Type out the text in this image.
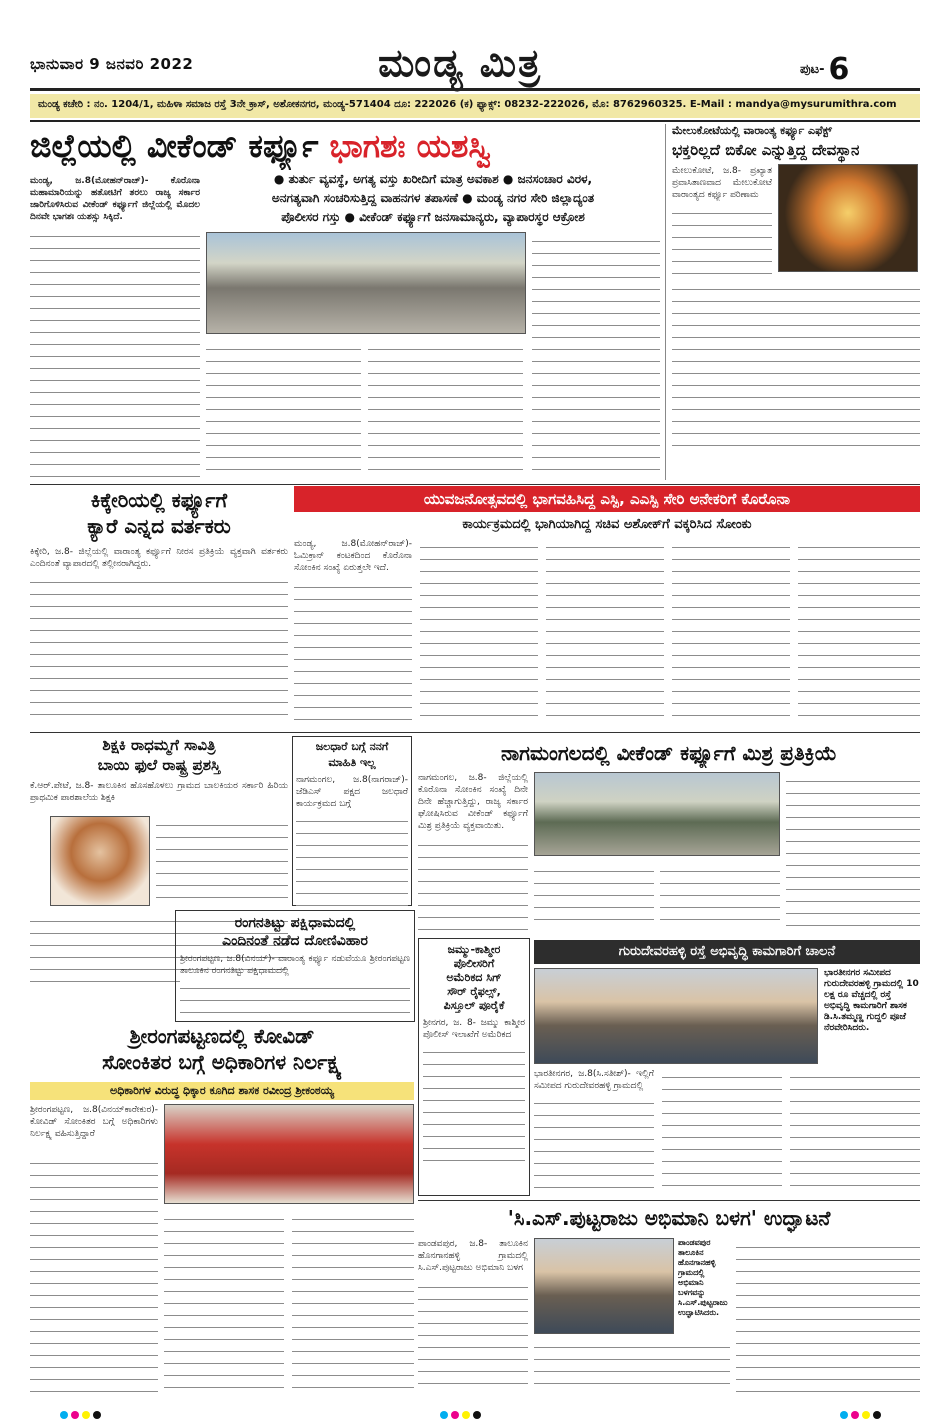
ಭಾನುವಾರ 9 ಜನವರಿ 2022	ಮಂಡ್ಯ ಮಿತ್ರ	ಪುಟ- 6
ಮಂಡ್ಯ ಕಚೇರಿ : ನಂ. 1204/1, ಮಹಿಳಾ ಸಮಾಜ ರಸ್ತೆ 3ನೇ ಕ್ರಾಸ್, ಅಶೋಕನಗರ, ಮಂಡ್ಯ-571404 ದೂ: 222026 (ಕ) ಫ್ಯಾಕ್ಸ್: 08232-222026, ಮೊ: 8762960325. E-Mail : mandya@mysurumithra.com
ಜಿಲ್ಲೆಯಲ್ಲಿ ವೀಕೆಂಡ್ ಕರ್ಫ್ಯೂ ಭಾಗಶಃ ಯಶಸ್ವಿ

ಮಂಡ್ಯ, ಜ.8(ಮೋಹನ್‌ರಾಜ್)- ಕೊರೊನಾ ಮಹಾಮಾರಿಯನ್ನು ಹತೋಟಿಗೆ ತರಲು ರಾಜ್ಯ ಸರ್ಕಾರ ಜಾರಿಗೊಳಿಸಿರುವ ವೀಕೆಂಡ್ ಕರ್ಫ್ಯೂಗೆ ಜಿಲ್ಲೆಯಲ್ಲಿ ಮೊದಲ ದಿನವೇ ಭಾಗಶಃ ಯಶಸ್ಸು ಸಿಕ್ಕಿದೆ.

● ತುರ್ತು ವ್ಯವಸ್ಥೆ, ಅಗತ್ಯ ವಸ್ತು ಖರೀದಿಗೆ ಮಾತ್ರ ಅವಕಾಶ ● ಜನಸಂಚಾರ ವಿರಳ,
ಅನಗತ್ಯವಾಗಿ ಸಂಚರಿಸುತ್ತಿದ್ದ ವಾಹನಗಳ ತಪಾಸಣೆ ● ಮಂಡ್ಯ ನಗರ ಸೇರಿ ಜಿಲ್ಲಾದ್ಯಂತ
ಪೊಲೀಸರ ಗಸ್ತು ● ವೀಕೆಂಡ್ ಕರ್ಫ್ಯೂಗೆ ಜನಸಾಮಾನ್ಯರು, ವ್ಯಾಪಾರಸ್ಥರ ಆಕ್ರೋಶ
ಮೇಲುಕೋಟೆಯಲ್ಲಿ ವಾರಾಂತ್ಯ ಕರ್ಫ್ಯೂ ಎಫೆಕ್ಟ್
ಭಕ್ತರಿಲ್ಲದೆ ಬಿಕೋ ಎನ್ನುತ್ತಿದ್ದ ದೇವಸ್ಥಾನ

ಮೇಲುಕೋಟೆ, ಜ.8- ಪ್ರಖ್ಯಾತ ಪ್ರವಾಸಿತಾಣವಾದ ಮೇಲುಕೋಟೆ ವಾರಾಂತ್ಯದ ಕರ್ಫ್ಯೂ ಪರಿಣಾಮ

ಕಿಕ್ಕೇರಿಯಲ್ಲಿ ಕರ್ಫ್ಯೂಗೆ
ಕ್ಯಾರೆ ಎನ್ನದ ವರ್ತಕರು

ಕಿಕ್ಕೇರಿ, ಜ.8- ಜಿಲ್ಲೆಯಲ್ಲಿ ವಾರಾಂತ್ಯ ಕರ್ಫ್ಯೂಗೆ ನೀರಸ ಪ್ರತಿಕ್ರಿಯೆ ವ್ಯಕ್ತವಾಗಿ ವರ್ತಕರು ಎಂದಿನಂತೆ ವ್ಯಾಪಾರದಲ್ಲಿ ತಲ್ಲೀನರಾಗಿದ್ದರು.

ಯುವಜನೋತ್ಸವದಲ್ಲಿ ಭಾಗವಹಿಸಿದ್ದ ಎಸ್ಪಿ, ಎಎಸ್ಪಿ ಸೇರಿ ಅನೇಕರಿಗೆ ಕೊರೊನಾ
ಕಾರ್ಯಕ್ರಮದಲ್ಲಿ ಭಾಗಿಯಾಗಿದ್ದ ಸಚಿವ ಅಶೋಕ್‌ಗೆ ವಕ್ಕರಿಸಿದ ಸೋಂಕು

ಮಂಡ್ಯ, ಜ.8(ಮೋಹನ್‌ರಾಜ್)- ಓಮಿಕ್ರಾನ್ ಕಂಟಕದಿಂದ ಕೊರೊನಾ ಸೋಂಕಿನ ಸಂಖ್ಯೆ ಏರುತ್ತಲೇ ಇದೆ.

ಶಿಕ್ಷಕಿ ರಾಧಮ್ಮಗೆ ಸಾವಿತ್ರಿ
ಬಾಯಿ ಫುಲೆ ರಾಷ್ಟ್ರ ಪ್ರಶಸ್ತಿ

ಕೆ.ಆರ್.ಪೇಟೆ, ಜ.8- ತಾಲೂಕಿನ ಹೊಸಹೊಳಲು ಗ್ರಾಮದ ಬಾಲಕಿಯರ ಸರ್ಕಾರಿ ಹಿರಿಯ ಪ್ರಾಥಮಿಕ ಪಾಠಶಾಲೆಯ ಶಿಕ್ಷಕಿ

ಜಲಧಾರೆ ಬಗ್ಗೆ ನನಗೆ
ಮಾಹಿತಿ ಇಲ್ಲ

ನಾಗಮಂಗಲ, ಜ.8(ನಾಗರಾಜ್)- ಜೆಡಿಎಸ್ ಪಕ್ಷದ ಜಲಧಾರೆ ಕಾರ್ಯಕ್ರಮದ ಬಗ್ಗೆ

ನಾಗಮಂಗಲದಲ್ಲಿ ವೀಕೆಂಡ್ ಕರ್ಫ್ಯೂಗೆ ಮಿಶ್ರ ಪ್ರತಿಕ್ರಿಯೆ

ನಾಗಮಂಗಲ, ಜ.8- ಜಿಲ್ಲೆಯಲ್ಲಿ ಕೊರೊನಾ ಸೋಂಕಿನ ಸಂಖ್ಯೆ ದಿನೇ ದಿನೇ ಹೆಚ್ಚಾಗುತ್ತಿದ್ದು, ರಾಜ್ಯ ಸರ್ಕಾರ ಘೋಷಿಸಿರುವ ವೀಕೆಂಡ್ ಕರ್ಫ್ಯೂಗೆ ಮಿಶ್ರ ಪ್ರತಿಕ್ರಿಯೆ ವ್ಯಕ್ತವಾಯಿತು.

ರಂಗನತಿಟ್ಟು ಪಕ್ಷಿಧಾಮದಲ್ಲಿ
ಎಂದಿನಂತೆ ನಡೆದ ದೋಣಿವಿಹಾರ

ಶ್ರೀರಂಗಪಟ್ಟಣ, ಜ.8(ವಿನಯ್)- ವಾರಾಂತ್ಯ ಕರ್ಫ್ಯೂ ನಡುವೆಯೂ ಶ್ರೀರಂಗಪಟ್ಟಣ ತಾಲೂಕಿನ ರಂಗನತಿಟ್ಟು ಪಕ್ಷಿಧಾಮದಲ್ಲಿ

ಜಮ್ಮು-ಕಾಶ್ಮೀರ
ಪೊಲೀಸರಿಗೆ
ಅಮೆರಿಕದ ಸಿಗ್
ಸೌರ್ ರೈಫಲ್ಸ್,
ಪಿಸ್ತೂಲ್ ಪೂರೈಕೆ

ಶ್ರೀನಗರ, ಜ. 8- ಜಮ್ಮು ಕಾಶ್ಮೀರ ಪೊಲೀಸ್ ಇಲಾಖೆಗೆ ಅಮೆರಿಕದ

ಗುರುದೇವರಹಳ್ಳಿ ರಸ್ತೆ ಅಭಿವೃದ್ಧಿ ಕಾಮಗಾರಿಗೆ ಚಾಲನೆ
ಭಾರತೀನಗರ ಸಮೀಪದ ಗುರುದೇವರಹಳ್ಳಿ ಗ್ರಾಮದಲ್ಲಿ 10 ಲಕ್ಷ ರೂ ವೆಚ್ಚದಲ್ಲಿ ರಸ್ತೆ ಅಭಿವೃದ್ಧಿ ಕಾಮಗಾರಿಗೆ ಶಾಸಕ ಡಿ.ಸಿ.ತಮ್ಮಣ್ಣ ಗುದ್ದಲಿ ಪೂಜೆ ನೆರವೇರಿಸಿದರು.

ಭಾರತೀನಗರ, ಜ.8(ಸಿ.ಸತೀಶ್)- ಇಲ್ಲಿಗೆ ಸಮೀಪದ ಗುರುದೇವರಹಳ್ಳಿ ಗ್ರಾಮದಲ್ಲಿ

ಶ್ರೀರಂಗಪಟ್ಟಣದಲ್ಲಿ ಕೋವಿಡ್
ಸೋಂಕಿತರ ಬಗ್ಗೆ ಅಧಿಕಾರಿಗಳ ನಿರ್ಲಕ್ಷ್ಯ
ಅಧಿಕಾರಿಗಳ ವಿರುದ್ಧ ಧಿಕ್ಕಾರ ಕೂಗಿದ ಶಾಸಕ ರವೀಂದ್ರ ಶ್ರೀಕಂಠಯ್ಯ

ಶ್ರೀರಂಗಪಟ್ಟಣ, ಜ.8(ವಿನಯ್‌ಕಾರೇಕುರ)- ಕೋವಿಡ್ ಸೋಂಕಿತರ ಬಗ್ಗೆ ಅಧಿಕಾರಿಗಳು ನಿರ್ಲಕ್ಷ್ಯ ವಹಿಸುತ್ತಿದ್ದಾರೆ

'ಸಿ.ಎಸ್.ಪುಟ್ಟರಾಜು ಅಭಿಮಾನಿ ಬಳಗ' ಉದ್ಘಾಟನೆ

ಪಾಂಡವಪುರ, ಜ.8- ತಾಲೂಕಿನ ಹೊನಗಾನಹಳ್ಳಿ ಗ್ರಾಮದಲ್ಲಿ ಸಿ.ಎಸ್.ಪುಟ್ಟರಾಜು ಅಭಿಮಾನಿ ಬಳಗ

ಪಾಂಡವಪುರ ತಾಲೂಕಿನ ಹೊನಗಾನಹಳ್ಳಿ ಗ್ರಾಮದಲ್ಲಿ ಅಭಿಮಾನಿ ಬಳಗವನ್ನು ಸಿ.ಎಸ್.ಪುಟ್ಟರಾಜು ಉದ್ಘಾಟಿಸಿದರು.
